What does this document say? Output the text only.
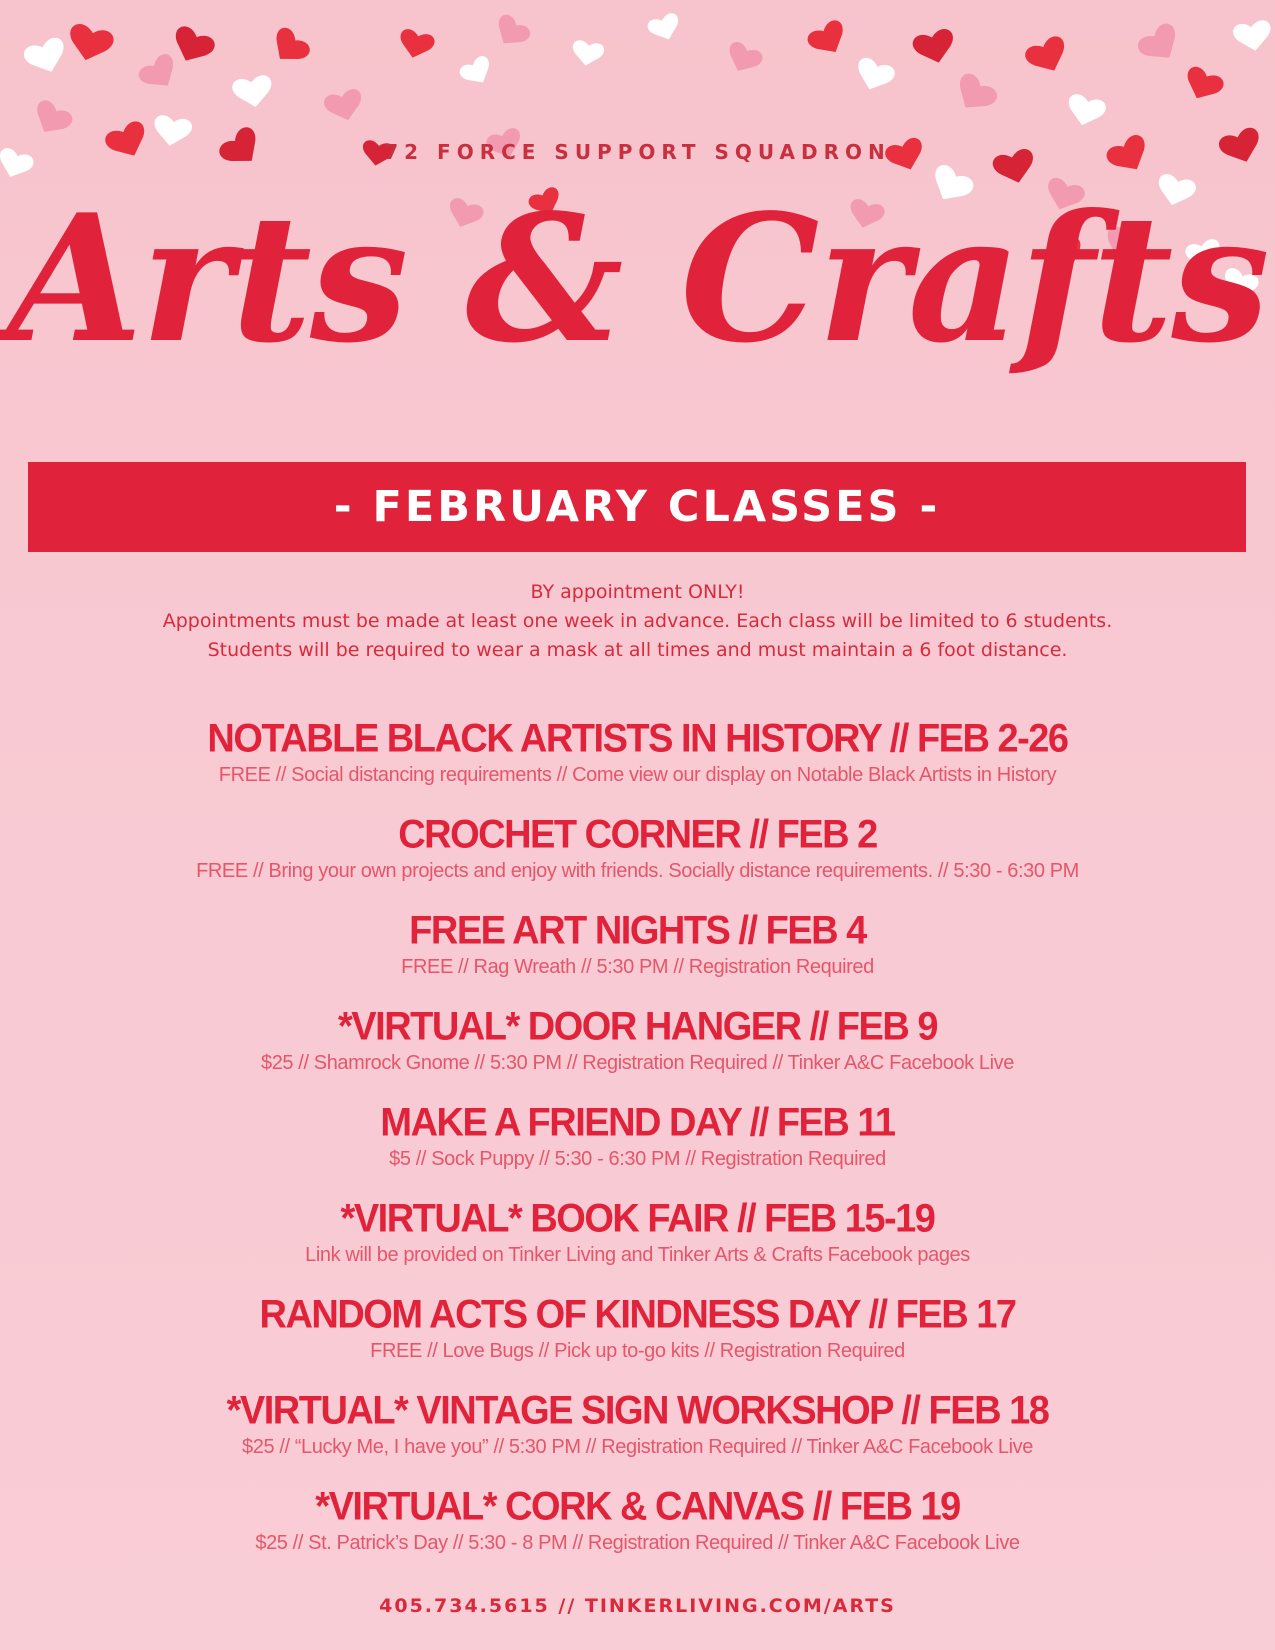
72 FORCE SUPPORT SQUADRON
Arts & Crafts
- FEBRUARY CLASSES -
BY appointment ONLY!
Appointments must be made at least one week in advance. Each class will be limited to 6 students.
Students will be required to wear a mask at all times and must maintain a 6 foot distance.
NOTABLE BLACK ARTISTS IN HISTORY // FEB 2-26
FREE // Social distancing requirements // Come view our display on Notable Black Artists in History
CROCHET CORNER // FEB 2
FREE // Bring your own projects and enjoy with friends. Socially distance requirements. // 5:30 - 6:30 PM
FREE ART NIGHTS // FEB 4
FREE // Rag Wreath // 5:30 PM // Registration Required
*VIRTUAL* DOOR HANGER // FEB 9
$25 // Shamrock Gnome // 5:30 PM // Registration Required // Tinker A&C Facebook Live
MAKE A FRIEND DAY // FEB 11
$5 // Sock Puppy // 5:30 - 6:30 PM // Registration Required
*VIRTUAL* BOOK FAIR // FEB 15-19
Link will be provided on Tinker Living and Tinker Arts & Crafts Facebook pages
RANDOM ACTS OF KINDNESS DAY // FEB 17
FREE // Love Bugs // Pick up to-go kits // Registration Required
*VIRTUAL* VINTAGE SIGN WORKSHOP // FEB 18
$25 // “Lucky Me, I have you” // 5:30 PM // Registration Required // Tinker A&C Facebook Live
*VIRTUAL* CORK & CANVAS // FEB 19
$25 // St. Patrick’s Day // 5:30 - 8 PM // Registration Required // Tinker A&C Facebook Live
405.734.5615 // TINKERLIVING.COM/ARTS
